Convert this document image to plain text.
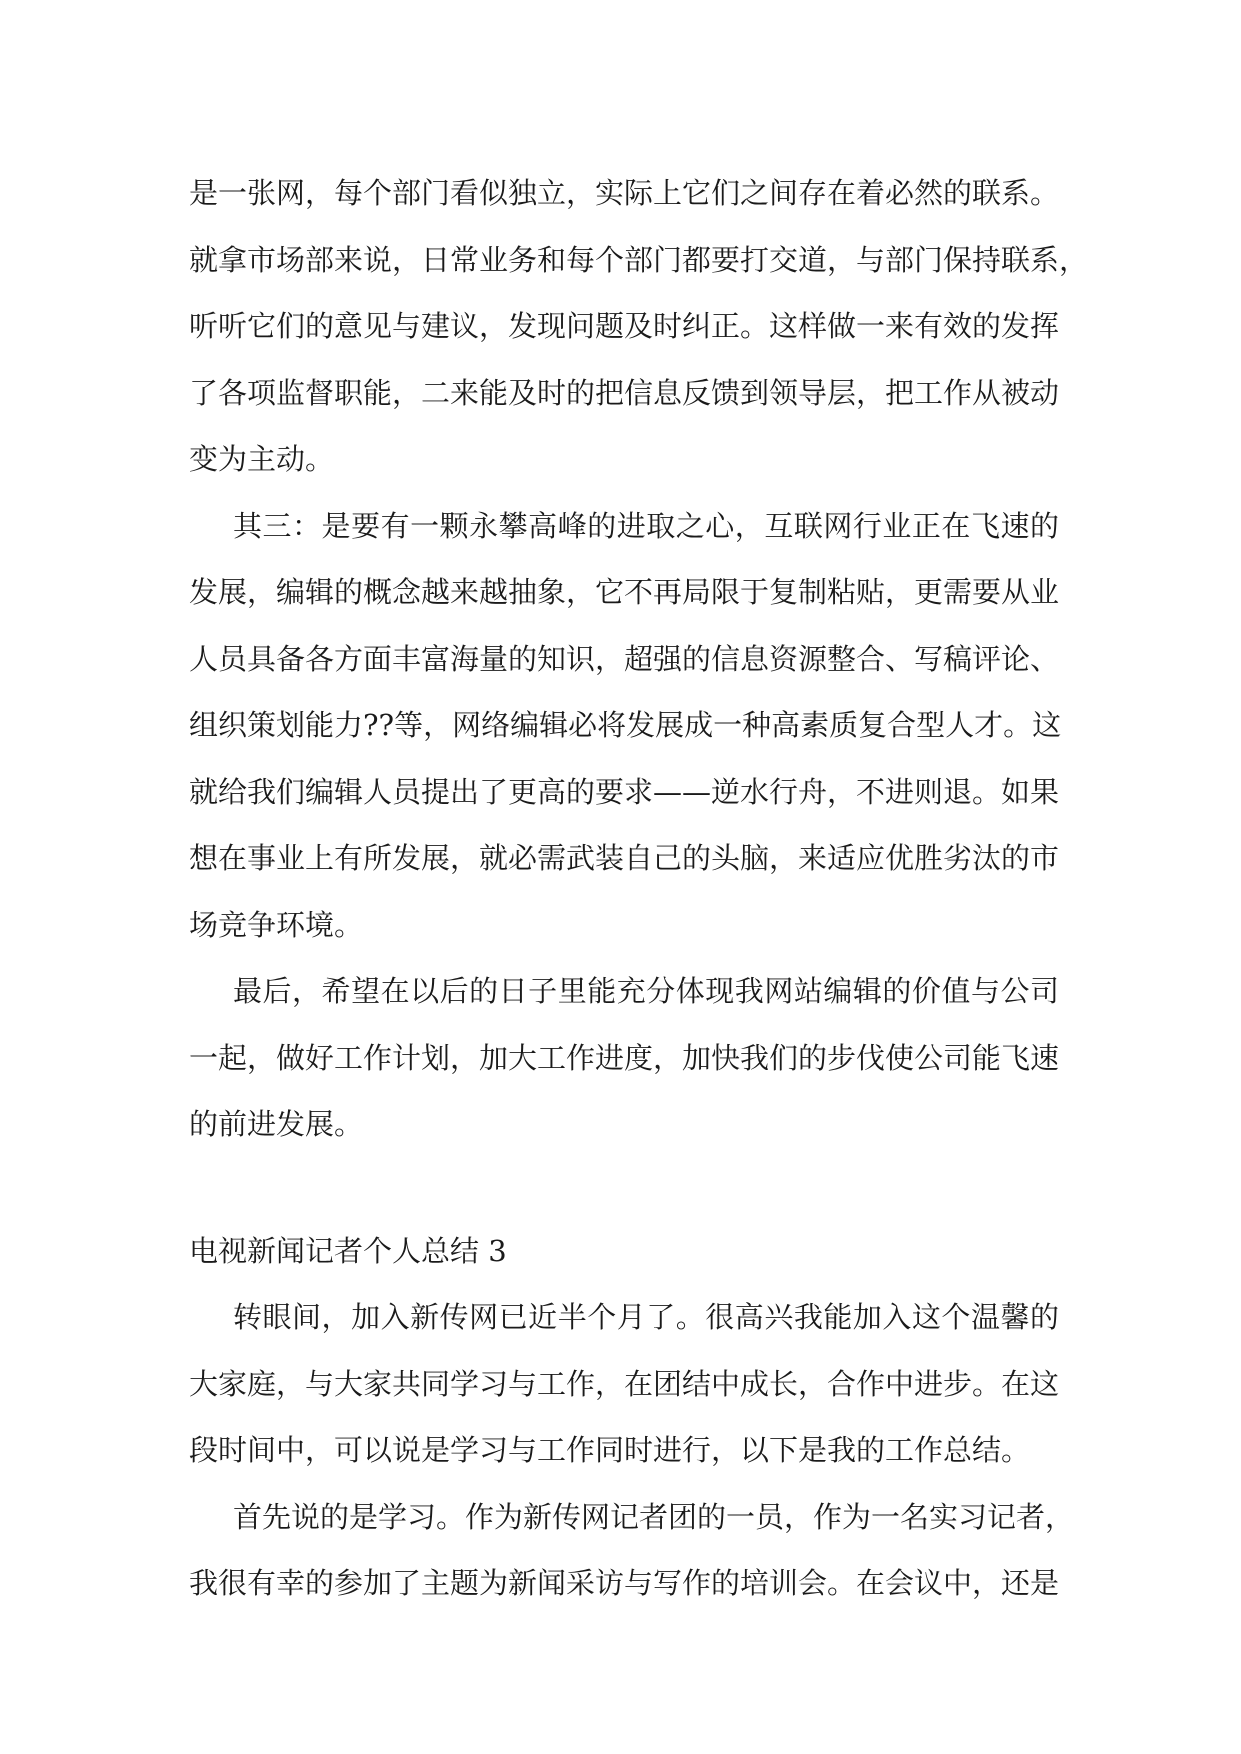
是一张网，每个部门看似独立，实际上它们之间存在着必然的联系。
就拿市场部来说，日常业务和每个部门都要打交道，与部门保持联系，
听听它们的意见与建议，发现问题及时纠正。这样做一来有效的发挥
了各项监督职能，二来能及时的把信息反馈到领导层，把工作从被动
变为主动。
其三：是要有一颗永攀高峰的进取之心，互联网行业正在飞速的
发展，编辑的概念越来越抽象，它不再局限于复制粘贴，更需要从业
人员具备各方面丰富海量的知识，超强的信息资源整合、写稿评论、
组织策划能力??等，网络编辑必将发展成一种高素质复合型人才。这
就给我们编辑人员提出了更高的要求——逆水行舟，不进则退。如果
想在事业上有所发展，就必需武装自己的头脑，来适应优胜劣汰的市
场竞争环境。
最后，希望在以后的日子里能充分体现我网站编辑的价值与公司
一起，做好工作计划，加大工作进度，加快我们的步伐使公司能飞速
的前进发展。
电视新闻记者个人总结 3
转眼间，加入新传网已近半个月了。很高兴我能加入这个温馨的
大家庭，与大家共同学习与工作，在团结中成长，合作中进步。在这
段时间中，可以说是学习与工作同时进行，以下是我的工作总结。
首先说的是学习。作为新传网记者团的一员，作为一名实习记者，
我很有幸的参加了主题为新闻采访与写作的培训会。在会议中，还是
